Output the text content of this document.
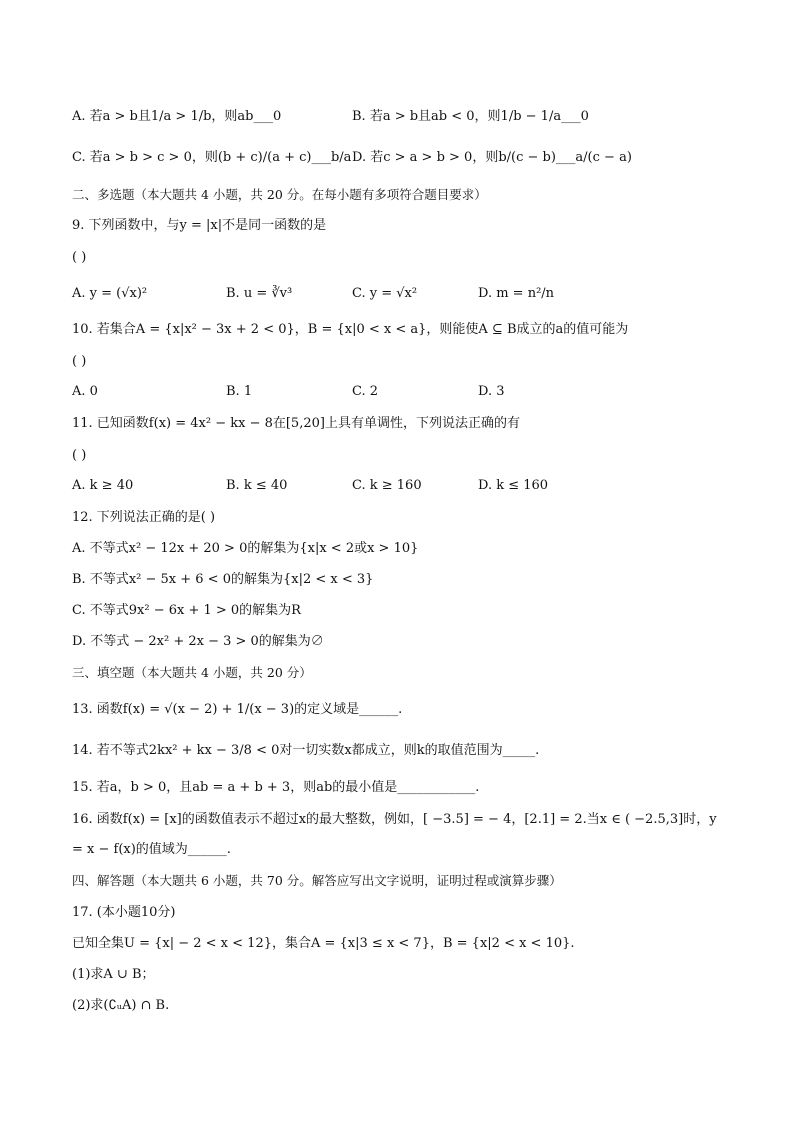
A. 若a > b且1/a > 1/b，则ab___0	B. 若a > b且ab < 0，则1/b − 1/a___0
C. 若a > b > c > 0，则(b + c)/(a + c)___b/a D. 若c > a > b > 0，则b/(c − b)___a/(c − a)
二、多选题（本大题共 4 小题，共 20 分。在每小题有多项符合题目要求）
9. 下列函数中，与y = |x|不是同一函数的是
( )
A. y = (√x)²	B. u = ∛v³	C. y = √x²	D. m = n²/n
10. 若集合A = {x|x² − 3x + 2 < 0}，B = {x|0 < x < a}，则能使A ⊆ B成立的a的值可能为
( )
A. 0	B. 1	C. 2	D. 3
11. 已知函数f(x) = 4x² − kx − 8在[5,20]上具有单调性，下列说法正确的有
( )
A. k ≥ 40	B. k ≤ 40	C. k ≥ 160	D. k ≤ 160
12. 下列说法正确的是( )
A. 不等式x² − 12x + 20 > 0的解集为{x|x < 2或x > 10}
B. 不等式x² − 5x + 6 < 0的解集为{x|2 < x < 3}
C. 不等式9x² − 6x + 1 > 0的解集为R
D. 不等式 − 2x² + 2x − 3 > 0的解集为∅
三、填空题（本大题共 4 小题，共 20 分）
13. 函数f(x) = √(x − 2) + 1/(x − 3)的定义域是______.
14. 若不等式2kx² + kx − 3/8 < 0对一切实数x都成立，则k的取值范围为_____.
15. 若a，b > 0，且ab = a + b + 3，则ab的最小值是____________.
16. 函数f(x) = [x]的函数值表示不超过x的最大整数，例如，[ −3.5] = − 4，[2.1] = 2.当x ∈ ( −2.5,3]时，y
= x − f(x)的值域为______.
四、解答题（本大题共 6 小题，共 70 分。解答应写出文字说明，证明过程或演算步骤）
17. (本小题10分)
已知全集U = {x| − 2 < x < 12}，集合A = {x|3 ≤ x < 7}，B = {x|2 < x < 10}.
(1)求A ∪ B；
(2)求(∁ᵤA) ∩ B.
